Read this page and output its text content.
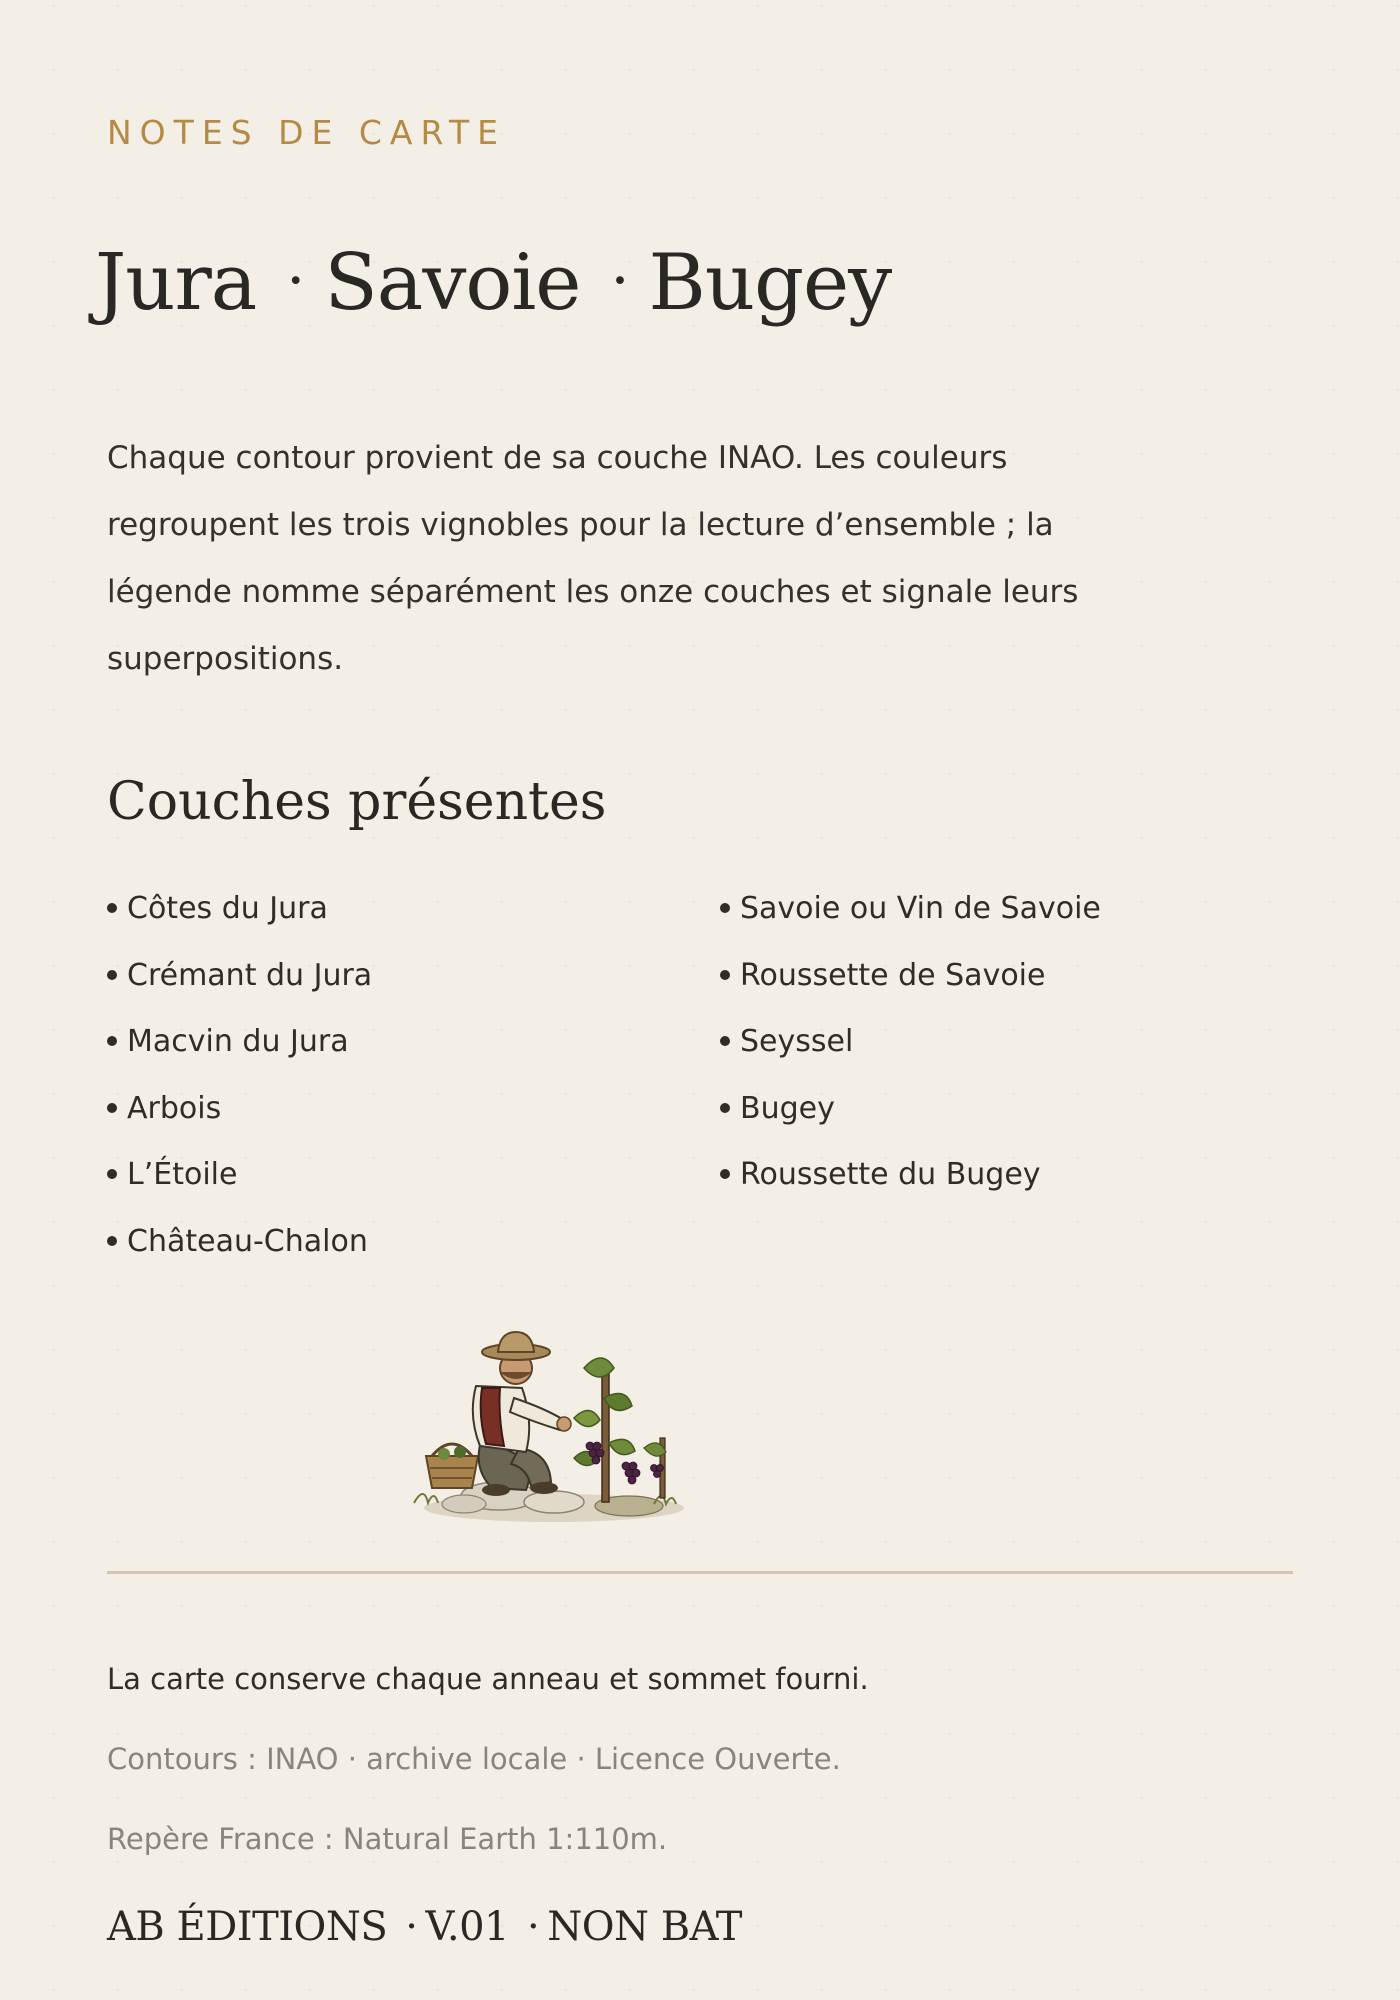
NOTES DE CARTE
Jura · Savoie · Bugey

Chaque contour provient de sa couche INAO. Les couleurs regroupent les trois vignobles pour la lecture d’ensemble ; la légende nomme séparément les onze couches et signale leurs superpositions.

Couches présentes
Côtes du Jura
Crémant du Jura
Macvin du Jura
Arbois
L’Étoile
Château-Chalon
Savoie ou Vin de Savoie
Roussette de Savoie
Seyssel
Bugey
Roussette du Bugey

La carte conserve chaque anneau et sommet fourni.

Contours : INAO · archive locale · Licence Ouverte.

Repère France : Natural Earth 1:110m.

AB ÉDITIONS · V.01 · NON BAT
